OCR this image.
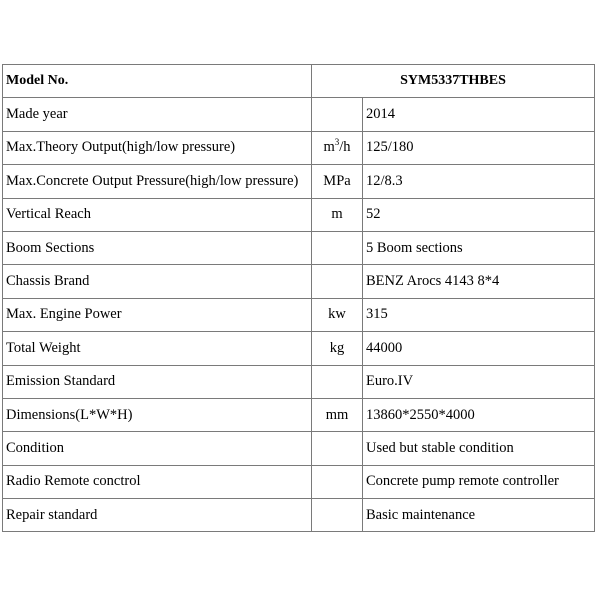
Model No.	SYM5337THBES	
Made year		2014
Max.Theory Output(high/low pressure)	$m^3/h$	125/180
Max.Concrete Output Pressure(high/low pressure)	MPa	12/8.3
Vertical Reach	m	52
Boom Sections		5 Boom sections
Chassis Brand		BENZ Arocs 4143 8*4
Max. Engine Power	kw	315
Total Weight	kg	44000
Emission Standard		Euro.IV
Dimensions(L*W*H)	mm	13860*2550*4000
Condition		Used but stable condition
Radio Remote conctrol		Concrete pump remote controller
Repair standard		Basic maintenance
